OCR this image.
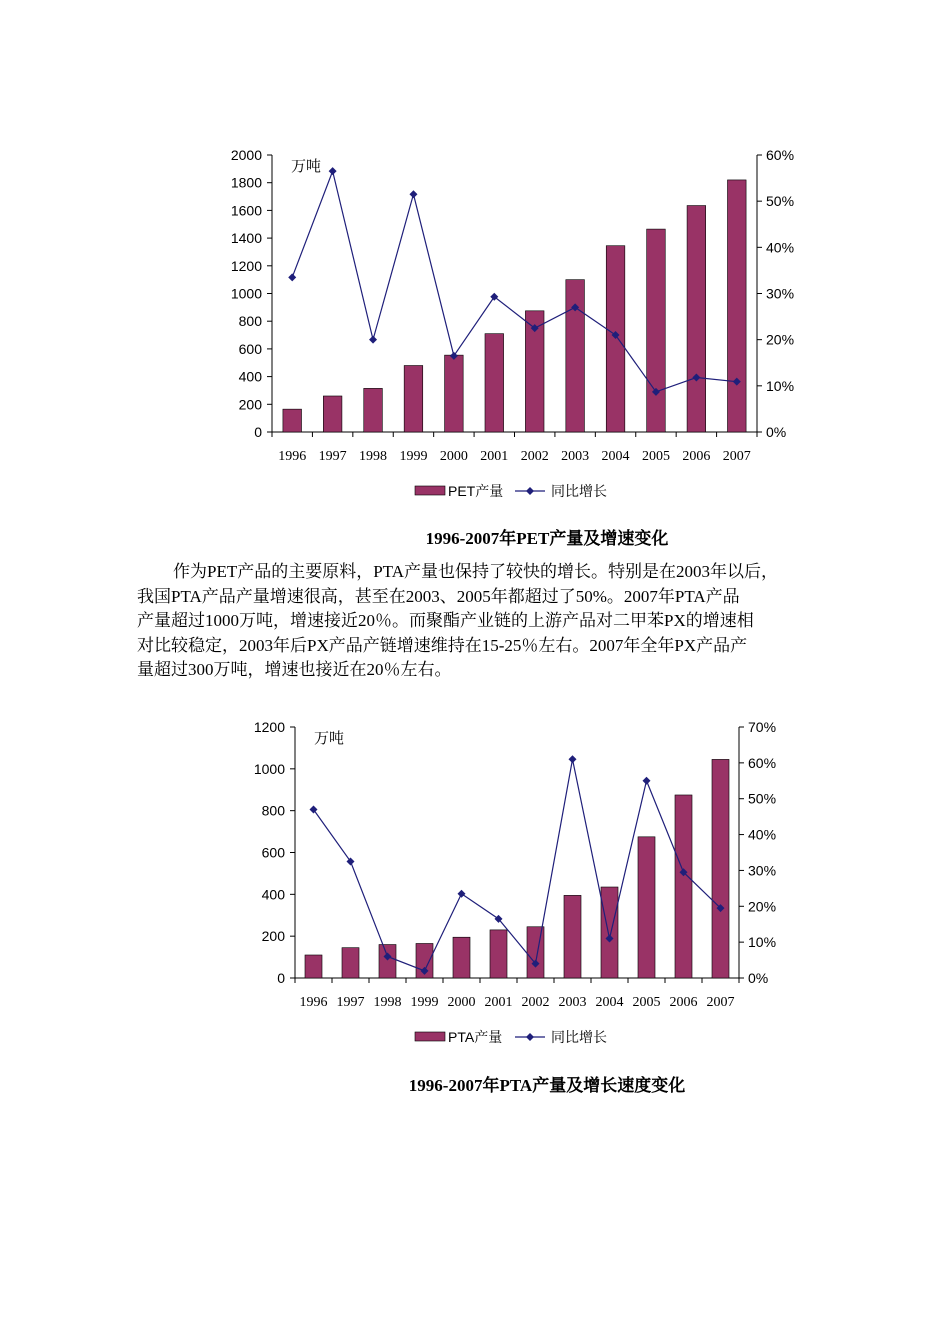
0
200
400
600
800
1000
1200
1400
1600
1800
2000
0%
10%
20%
30%
40%
50%
60%
万吨
1996 1997 1998 1999 2000 2001 2002 2003 2004 2005 2006 2007
PET产量	同比增长
1996-2007年PET产量及增速变化

作为PET产品的主要原料，PTA产量也保持了较快的增长。特别是在2003年以后，

我国PTA产品产量增速很高，甚至在2003、2005年都超过了50%。2007年PTA产品

产量超过1000万吨，增速接近20％。而聚酯产业链的上游产品对二甲苯PX的增速相

对比较稳定，2003年后PX产品产链增速维持在15-25％左右。2007年全年PX产品产

量超过300万吨，增速也接近在20％左右。

0
200
400
600
800
1000
1200
0%
10%
20%
30%
40%
50%
60%
70%
万吨
1996 1997 1998 1999 2000 2001 2002 2003 2004 2005 2006 2007
PTA产量	同比增长
1996-2007年PTA产量及增长速度变化
